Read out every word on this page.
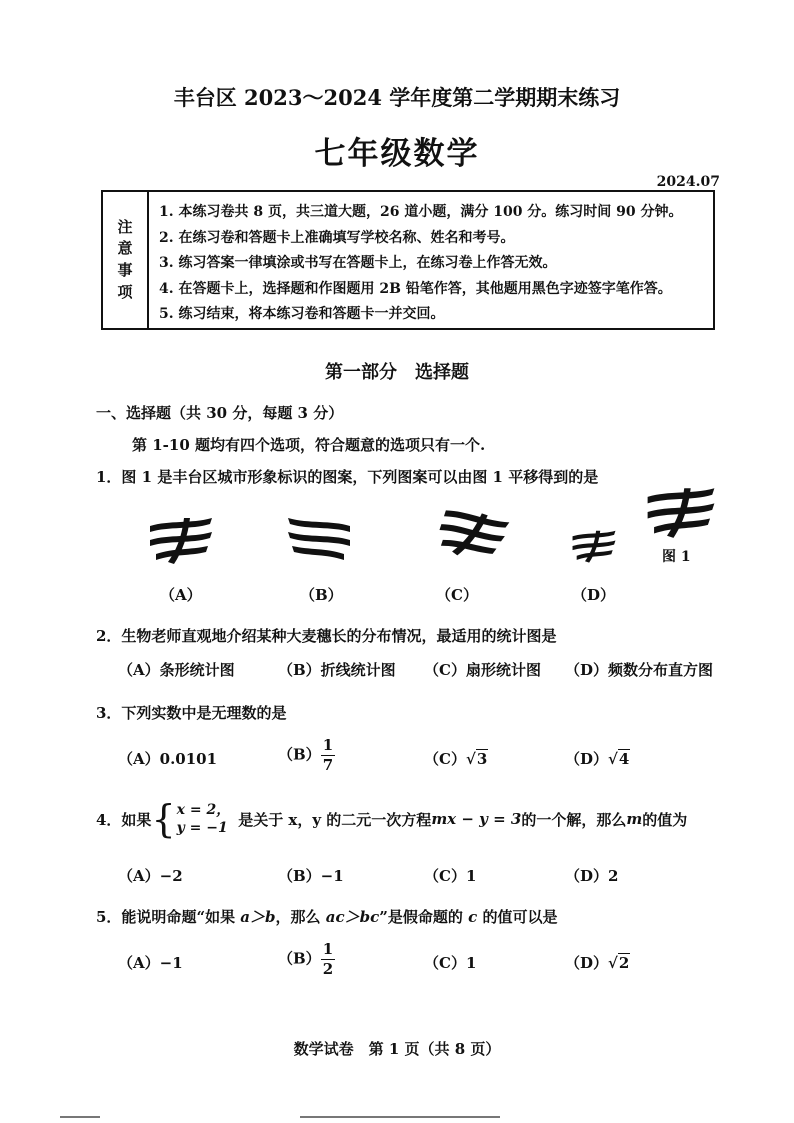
丰台区 2023～2024 学年度第二学期期末练习
七年级数学
2024.07
注
意
事
项
1. 本练习卷共 8 页，共三道大题，26 道小题，满分 100 分。练习时间 90 分钟。
2. 在练习卷和答题卡上准确填写学校名称、姓名和考号。
3. 练习答案一律填涂或书写在答题卡上，在练习卷上作答无效。
4. 在答题卡上，选择题和作图题用 2B 铅笔作答，其他题用黑色字迹签字笔作答。
5. 练习结束，将本练习卷和答题卡一并交回。
第一部分　选择题
一、选择题（共 30 分，每题 3 分）
第 1-10 题均有四个选项，符合题意的选项只有一个.
1．图 1 是丰台区城市形象标识的图案，下列图案可以由图 1 平移得到的是
图 1
（A）	（B）	（C）	（D）
2．生物老师直观地介绍某种大麦穗长的分布情况，最适用的统计图是
（A）条形统计图	（B）折线统计图 （C）扇形统计图 （D）频数分布直方图
3．下列实数中是无理数的是
（A）0.0101	$(B) \frac{1}{7}$	（C）√3	（D）√4
4．如果 { x = 2，
y = −1 是关于 x，y 的二元一次方程 mx − y = 3 的一个解，那么 m 的值为
（A）−2	（B）−1	（C）1	（D）2
5．能说明命题“如果 a＞b，那么 ac＞bc”是假命题的 c 的值可以是
（A）−1	$(B) \frac{1}{2}$	（C）1	（D）√2
数学试卷　第 1 页（共 8 页）
